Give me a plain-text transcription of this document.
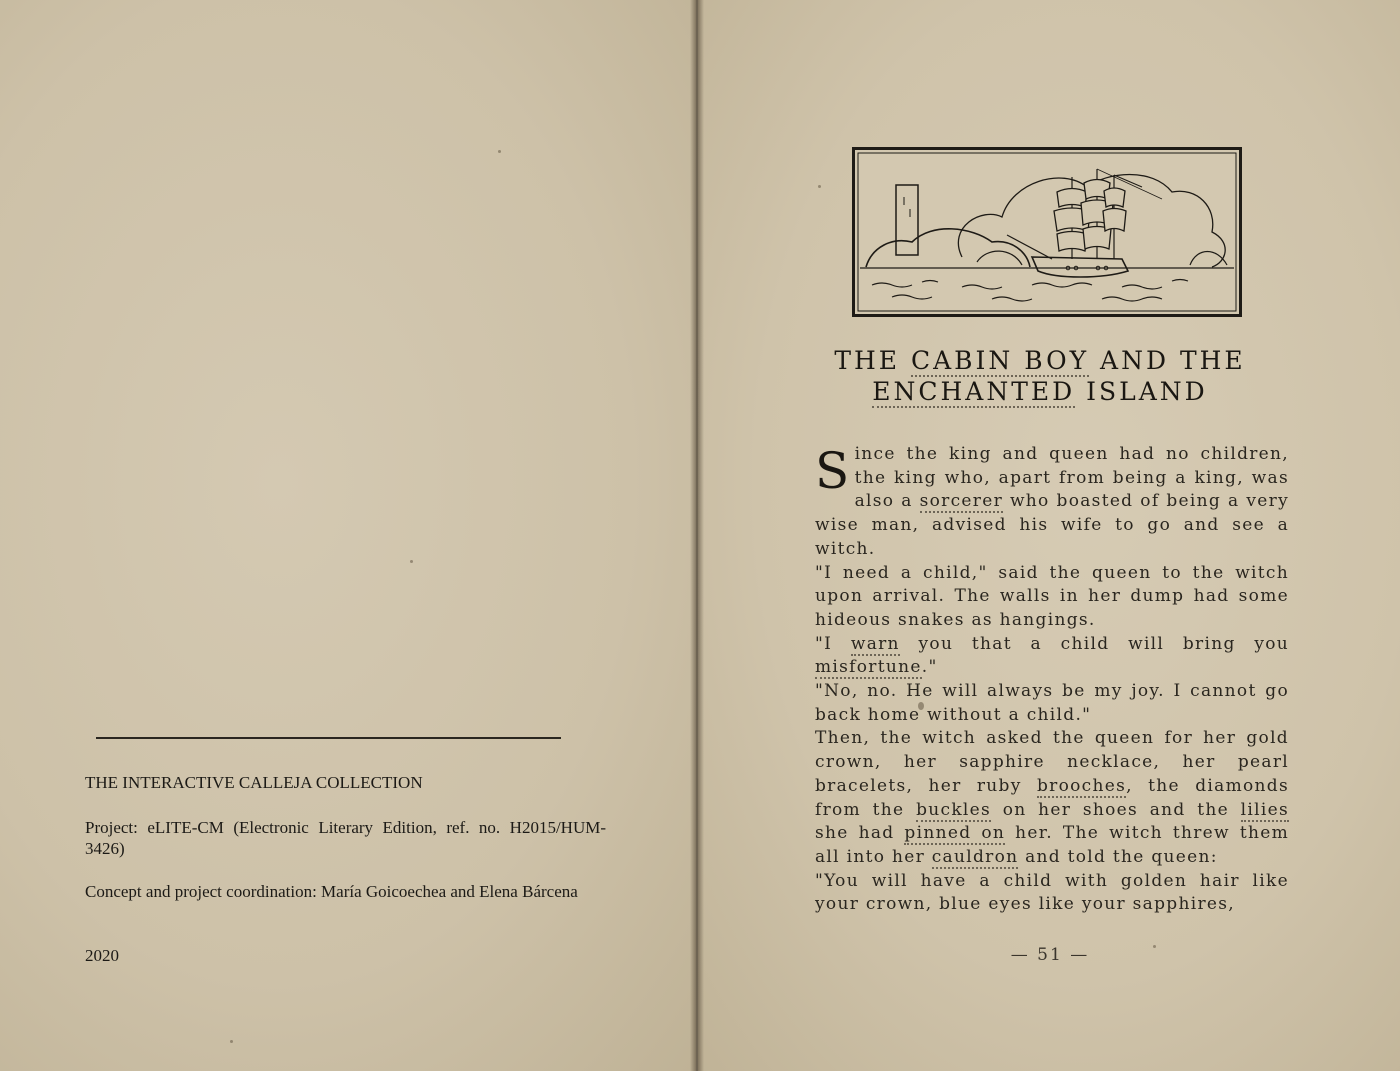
THE INTERACTIVE CALLEJA COLLECTION
Project: eLITE-CM (Electronic Literary Edition, ref. no. H2015/HUM-3426)
Concept and project coordination: María Goicoechea and Elena Bárcena
2020
THE CABIN BOY AND THE
ENCHANTED ISLAND

Since the king and queen had no children, the king who, apart from being a king, was also a sorcerer who boasted of being a very wise man, advised his wife to go and see a witch.

"I need a child," said the queen to the witch upon arrival. The walls in her dump had some hideous snakes as hangings.

"I warn you that a child will bring you misfortune."

"No, no. He will always be my joy. I cannot go back home without a child."

Then, the witch asked the queen for her gold crown, her sapphire necklace, her pearl bracelets, her ruby brooches, the diamonds from the buckles on her shoes and the lilies she had pinned on her. The witch threw them all into her cauldron and told the queen:

"You will have a child with golden hair like your crown, blue eyes like your sapphires,

— 51 —
